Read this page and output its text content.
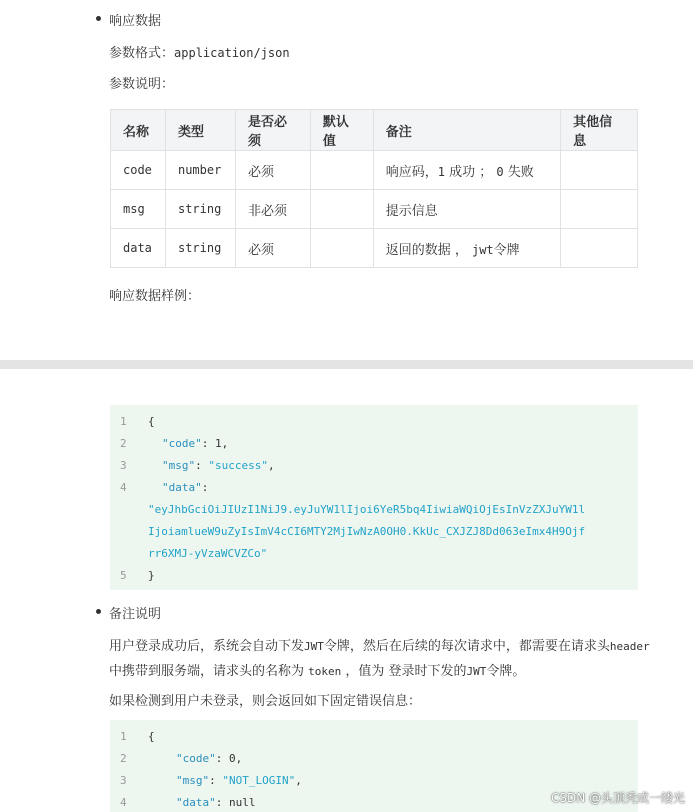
响应数据
参数格式：application/json
参数说明：
名称	类型	是否必须	默认值	备注	其他信息
code	number	必须		响应码，1 成功 ； 0 失败	
msg	string	非必须		提示信息	
data	string	必须		返回的数据 ， jwt令牌	
响应数据样例：
1	{
2	"code": 1,
3	"msg": "success",
4	"data":
"eyJhbGciOiJIUzI1NiJ9.eyJuYW1lIjoi6YeR5bq4IiwiaWQiOjEsInVzZXJuYW1l
IjoiamlueW9uZyIsImV4cCI6MTY2MjIwNzA0OH0.KkUc_CXJZJ8Dd063eImx4H9Ojf
rr6XMJ-yVzaWCVZCo"
5	}
备注说明
用户登录成功后，系统会自动下发JWT令牌，然后在后续的每次请求中，都需要在请求头header
中携带到服务端，请求头的名称为 token ，值为 登录时下发的JWT令牌。
如果检测到用户未登录，则会返回如下固定错误信息：
1	{
2	"code": 0,
3	"msg": "NOT_LOGIN",
4	"data": null	CSDN @头顶秃成一缕光
